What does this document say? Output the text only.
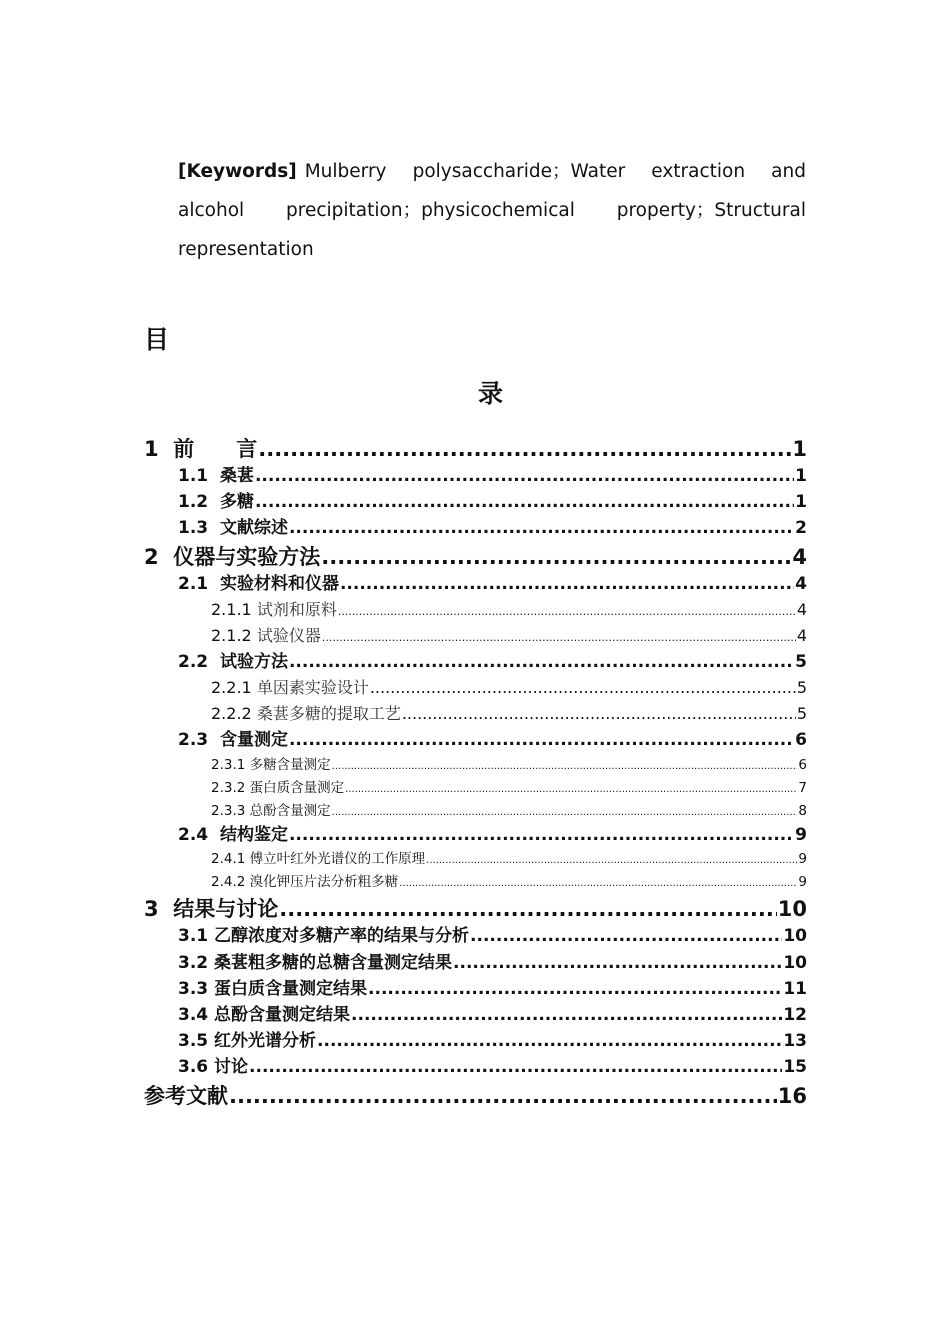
[Keywords] Mulberry polysaccharide；Water extraction and alcohol precipitation；physicochemical property；Structural representation
目
录
1 前　　言 .....	1
1.1 桑葚 .....	1
1.2 多糖 .....	1
1.3 文献综述 .....	2
2 仪器与实验方法 .....	4
2.1 实验材料和仪器 .....	4
2.1.1 试剂和原料 .....	4
2.1.2 试验仪器 .....	4
2.2 试验方法 .....	5
2.2.1 单因素实验设计 .....	5
2.2.2 桑葚多糖的提取工艺 .....	5
2.3 含量测定 .....	6
2.3.1 多糖含量测定 .....	6
2.3.2 蛋白质含量测定 .....	7
2.3.3 总酚含量测定 .....	8
2.4 结构鉴定 .....	9
2.4.1 傅立叶红外光谱仪的工作原理 .....	9
2.4.2 溴化钾压片法分析粗多糖 .....	9
3 结果与讨论 .....	10
3.1 乙醇浓度对多糖产率的结果与分析 .....	10
3.2 桑葚粗多糖的总糖含量测定结果 .....	10
3.3 蛋白质含量测定结果 .....	11
3.4 总酚含量测定结果 .....	12
3.5 红外光谱分析 .....	13
3.6 讨论 .....	15
参考文献 .....	16
